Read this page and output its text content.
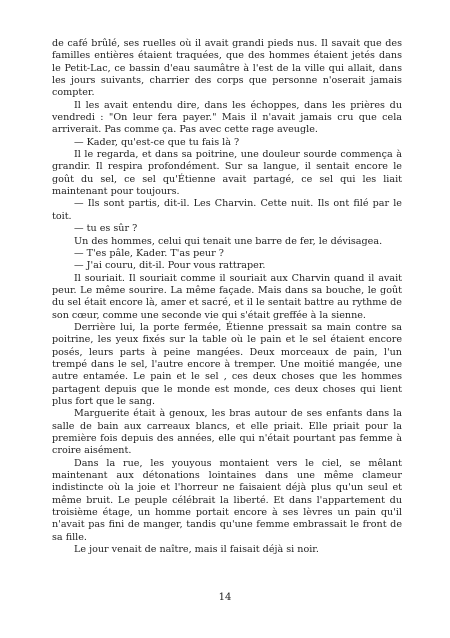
de café brûlé, ses ruelles où il avait grandi pieds nus. Il savait que des familles entières étaient traquées, que des hommes étaient jetés dans le Petit-Lac, ce bassin d'eau saumâtre à l'est de la ville qui allait, dans les jours suivants, charrier des corps que personne n'oserait jamais compter.

Il les avait entendu dire, dans les échoppes, dans les prières du vendredi : "On leur fera payer." Mais il n'avait jamais cru que cela arriverait. Pas comme ça. Pas avec cette rage aveugle.

— Kader, qu'est-ce que tu fais là ?

Il le regarda, et dans sa poitrine, une douleur sourde commença à grandir. Il respira profondément. Sur sa langue, il sentait encore le goût du sel, ce sel qu'Étienne avait partagé, ce sel qui les liait maintenant pour toujours.

— Ils sont partis, dit-il. Les Charvin. Cette nuit. Ils ont filé par le toit.

— tu es sûr ?

Un des hommes, celui qui tenait une barre de fer, le dévisagea.

— T'es pâle, Kader. T'as peur ?

— J'ai couru, dit-il. Pour vous rattraper.

Il souriait. Il souriait comme il souriait aux Charvin quand il avait peur. Le même sourire. La même façade. Mais dans sa bouche, le goût du sel était encore là, amer et sacré, et il le sentait battre au rythme de son cœur, comme une seconde vie qui s'était greffée à la sienne.

Derrière lui, la porte fermée, Étienne pressait sa main contre sa poitrine, les yeux fixés sur la table où le pain et le sel étaient encore posés, leurs parts à peine mangées. Deux morceaux de pain, l'un trempé dans le sel, l'autre encore à tremper. Une moitié mangée, une autre entamée. Le pain et le sel , ces deux choses que les hommes partagent depuis que le monde est monde, ces deux choses qui lient plus fort que le sang.

Marguerite était à genoux, les bras autour de ses enfants dans la salle de bain aux carreaux blancs, et elle priait. Elle priait pour la première fois depuis des années, elle qui n'était pourtant pas femme à croire aisément.

Dans la rue, les youyous montaient vers le ciel, se mêlant maintenant aux détonations lointaines dans une même clameur indistincte où la joie et l'horreur ne faisaient déjà plus qu'un seul et même bruit. Le peuple célébrait la liberté. Et dans l'appartement du troisième étage, un homme portait encore à ses lèvres un pain qu'il n'avait pas fini de manger, tandis qu'une femme embrassait le front de sa fille.

Le jour venait de naître, mais il faisait déjà si noir.

14
